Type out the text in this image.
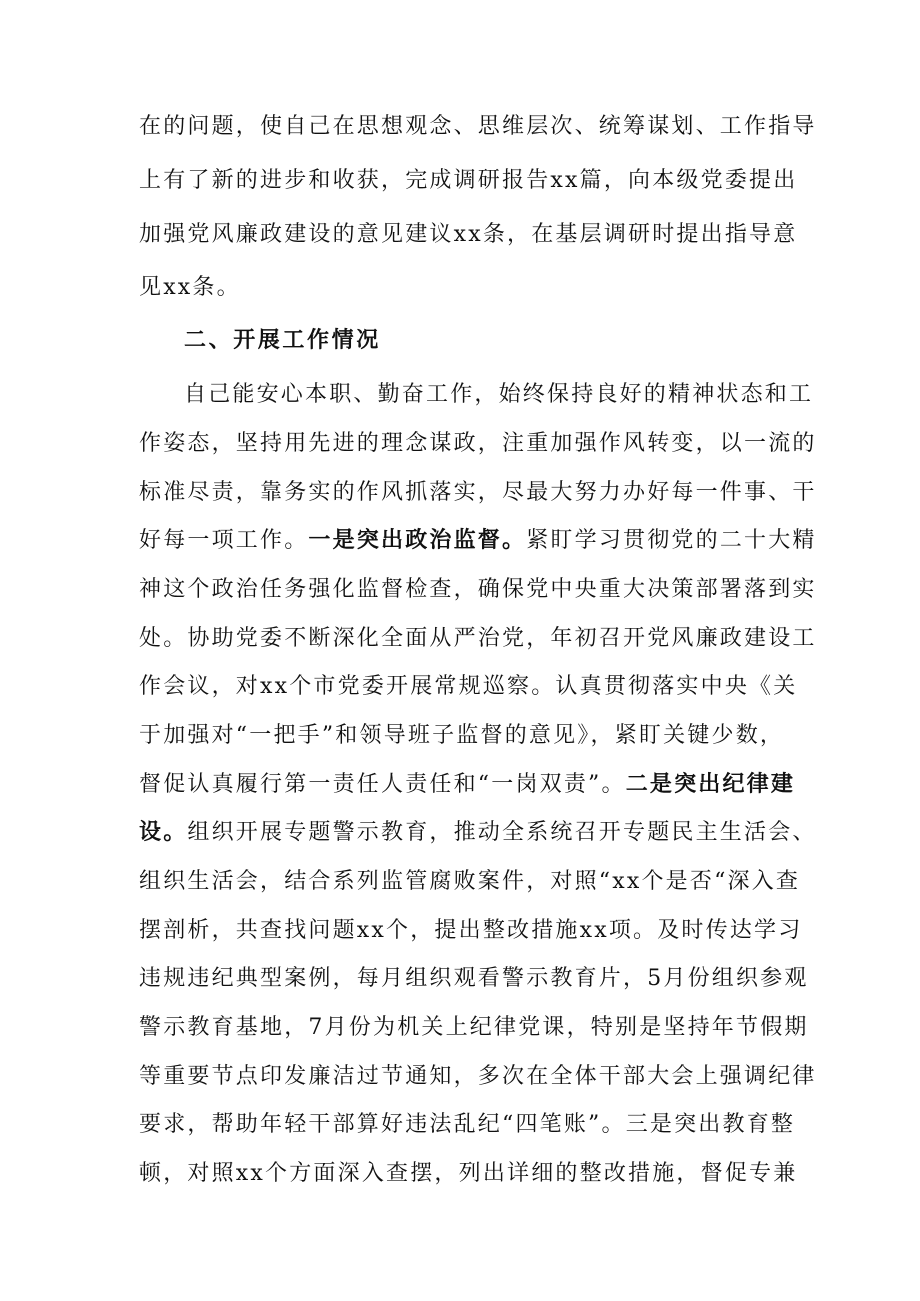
在的问题，使自己在思想观念、思维层次、统筹谋划、工作指导
上有了新的进步和收获，完成调研报告xx篇，向本级党委提出
加强党风廉政建设的意见建议xx条，在基层调研时提出指导意
见xx条。
二、开展工作情况
自己能安心本职、勤奋工作，始终保持良好的精神状态和工
作姿态，坚持用先进的理念谋政，注重加强作风转变，以一流的
标准尽责，靠务实的作风抓落实，尽最大努力办好每一件事、干
好每一项工作。一是突出政治监督。紧盯学习贯彻党的二十大精
神这个政治任务强化监督检查，确保党中央重大决策部署落到实
处。协助党委不断深化全面从严治党，年初召开党风廉政建设工
作会议，对xx个市党委开展常规巡察。认真贯彻落实中央《关
于加强对“一把手”和领导班子监督的意见》，紧盯关键少数，
督促认真履行第一责任人责任和“一岗双责”。二是突出纪律建
设。组织开展专题警示教育，推动全系统召开专题民主生活会、
组织生活会，结合系列监管腐败案件，对照“xx个是否“深入查
摆剖析，共查找问题xx个，提出整改措施xx项。及时传达学习
违规违纪典型案例，每月组织观看警示教育片，5月份组织参观
警示教育基地，7月份为机关上纪律党课，特别是坚持年节假期
等重要节点印发廉洁过节通知，多次在全体干部大会上强调纪律
要求，帮助年轻干部算好违法乱纪“四笔账”。三是突出教育整
顿，对照xx个方面深入查摆，列出详细的整改措施，督促专兼
